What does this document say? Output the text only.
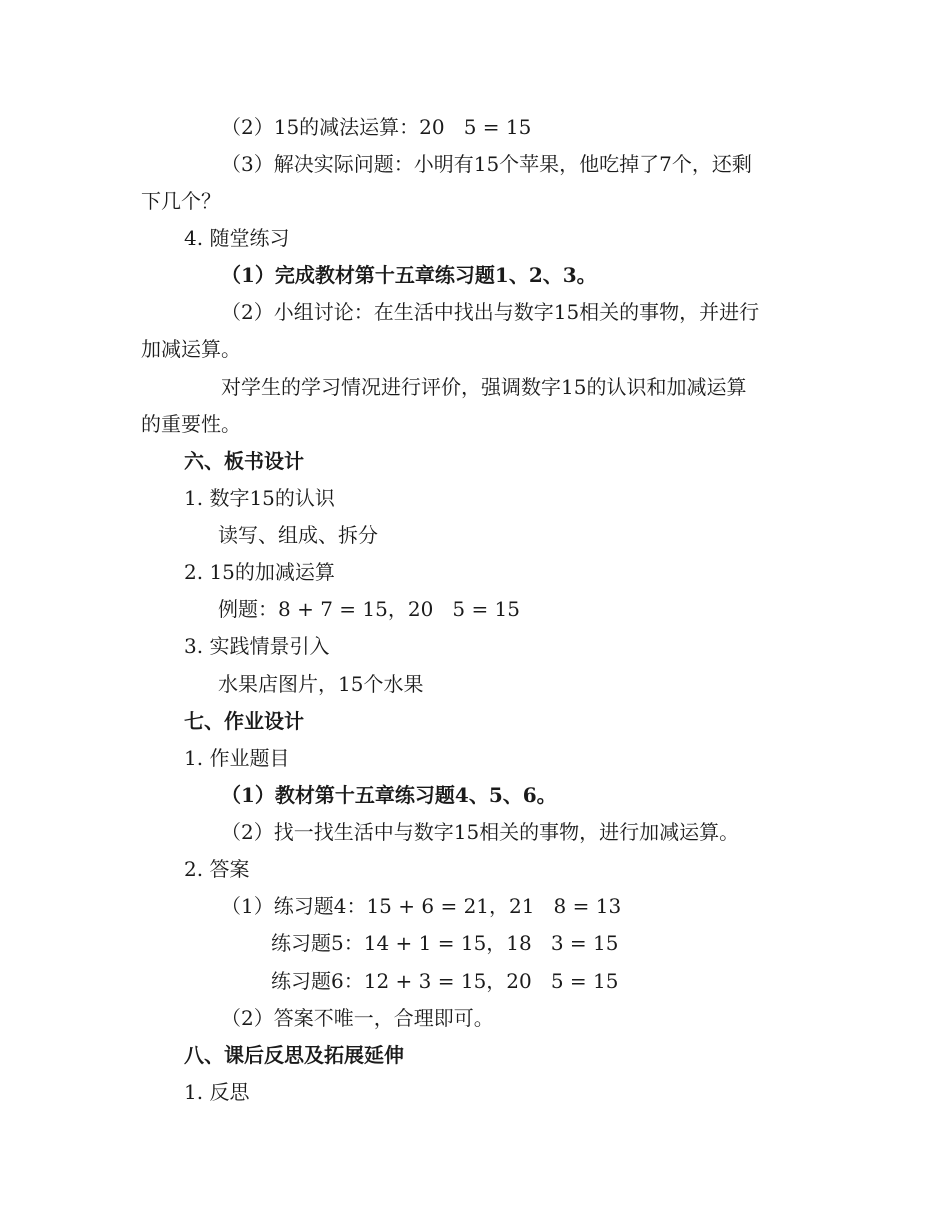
（2）15的减法运算：20   5 = 15
（3）解决实际问题：小明有15个苹果，他吃掉了7个，还剩
下几个？
4. 随堂练习
（1）完成教材第十五章练习题1、2、3。
（2）小组讨论：在生活中找出与数字15相关的事物，并进行
加减运算。
对学生的学习情况进行评价，强调数字15的认识和加减运算
的重要性。
六、板书设计
1. 数字15的认识
读写、组成、拆分
2. 15的加减运算
例题：8 + 7 = 15，20   5 = 15
3. 实践情景引入
水果店图片，15个水果
七、作业设计
1. 作业题目
（1）教材第十五章练习题4、5、6。
（2）找一找生活中与数字15相关的事物，进行加减运算。
2. 答案
（1）练习题4：15 + 6 = 21，21   8 = 13
练习题5：14 + 1 = 15，18   3 = 15
练习题6：12 + 3 = 15，20   5 = 15
（2）答案不唯一，合理即可。
八、课后反思及拓展延伸
1. 反思
